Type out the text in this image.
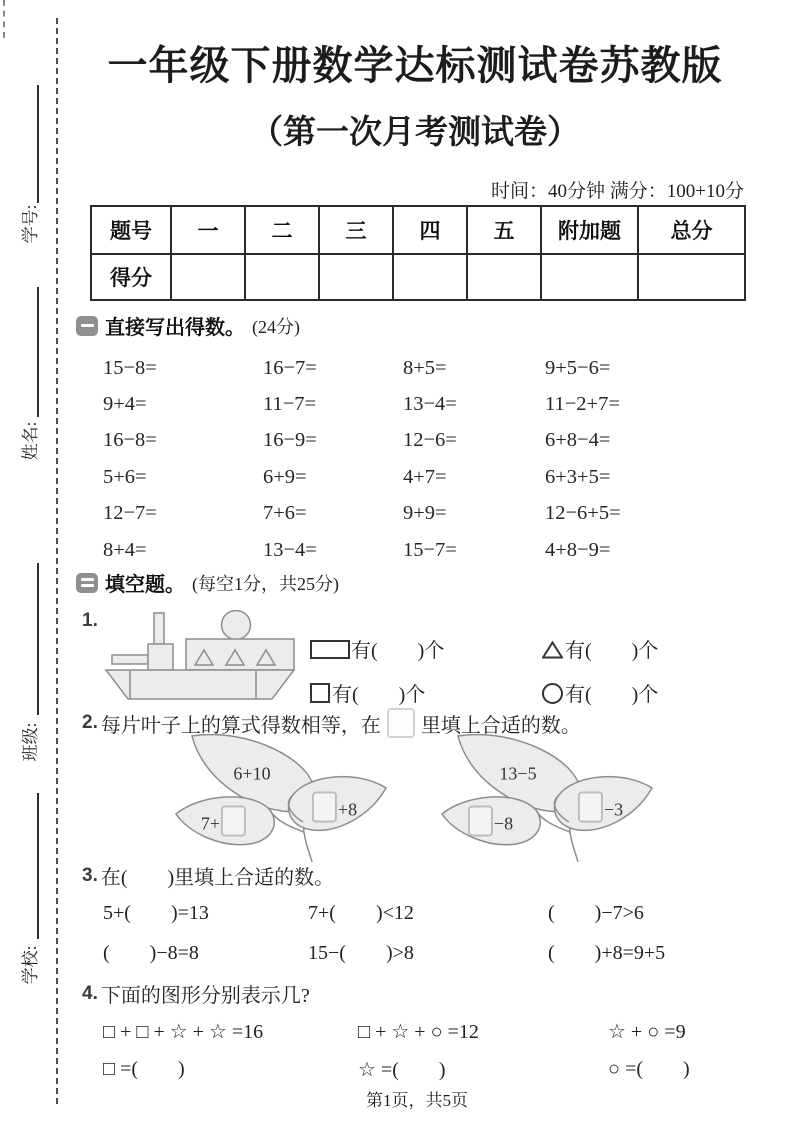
学号:
姓名:
班级:
学校:
一年级下册数学达标测试卷苏教版
（第一次月考测试卷）
时间：40分钟 满分：100+10分
题号	一	二	三	四	五	附加题	总分
得分							
直接写出得数。 (24分)
15−8=	16−7=	8+5=	9+5−6=
9+4=	11−7=	13−4=	11−2+7=
16−8=	16−9=	12−6=	6+8−4=
5+6=	6+9=	4+7=	6+3+5=
12−7=	7+6=	9+9=	12−6+5=
8+4=	13−4=	15−7=	4+8−9=
填空题。 (每空1分，共25分)
1.
有(        )个	有(        )个
有(        )个	有(        )个
2. 每片叶子上的算式得数相等，在 里填上合适的数。
6+10
+8
7+
13−5
−3
−8
3. 在(        )里填上合适的数。
5+(        )=13	7+(        )<12	(        )−7>6
(        )−8=8	15−(        )>8	(        )+8=9+5
4. 下面的图形分别表示几?
□ + □ + ☆ + ☆ =16	□ + ☆ + ○ =12	☆ + ○ =9
□ =(        )	☆ =(        )	○ =(        )
第1页，共5页
